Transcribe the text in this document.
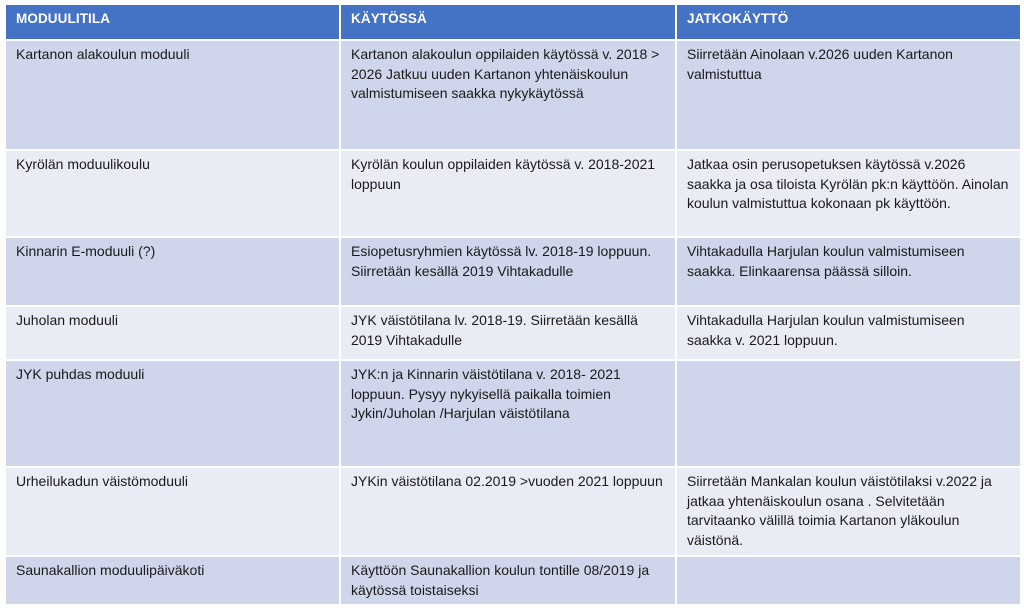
MODUULITILA	KÄYTÖSSÄ	JATKOKÄYTTÖ
Kartanon alakoulun moduuli	Kartanon alakoulun oppilaiden käytössä v. 2018 > 2026 Jatkuu uuden Kartanon yhtenäiskoulun valmistumiseen saakka nykykäytössä	Siirretään Ainolaan v.2026 uuden Kartanon valmistuttua
Kyrölän moduulikoulu	Kyrölän koulun oppilaiden käytössä v. 2018-2021 loppuun	Jatkaa osin perusopetuksen käytössä v.2026 saakka ja osa tiloista Kyrölän pk:n käyttöön. Ainolan koulun valmistuttua kokonaan pk käyttöön.
Kinnarin E-moduuli (?)	Esiopetusryhmien käytössä lv. 2018-19 loppuun. Siirretään kesällä 2019 Vihtakadulle	Vihtakadulla Harjulan koulun valmistumiseen saakka. Elinkaarensa päässä silloin.
Juholan moduuli	JYK väistötilana lv. 2018-19. Siirretään kesällä 2019 Vihtakadulle	Vihtakadulla Harjulan koulun valmistumiseen saakka v. 2021 loppuun.
JYK puhdas moduuli	JYK:n ja Kinnarin väistötilana v. 2018- 2021 loppuun. Pysyy nykyisellä paikalla toimien Jykin/Juholan /Harjulan väistötilana	
Urheilukadun väistömoduuli	JYKin väistötilana 02.2019 >vuoden 2021 loppuun	Siirretään Mankalan koulun väistötilaksi v.2022 ja jatkaa yhtenäiskoulun osana . Selvitetään tarvitaanko välillä toimia Kartanon yläkoulun väistönä.
Saunakallion moduulipäiväkoti	Käyttöön Saunakallion koulun tontille 08/2019 ja käytössä toistaiseksi	
